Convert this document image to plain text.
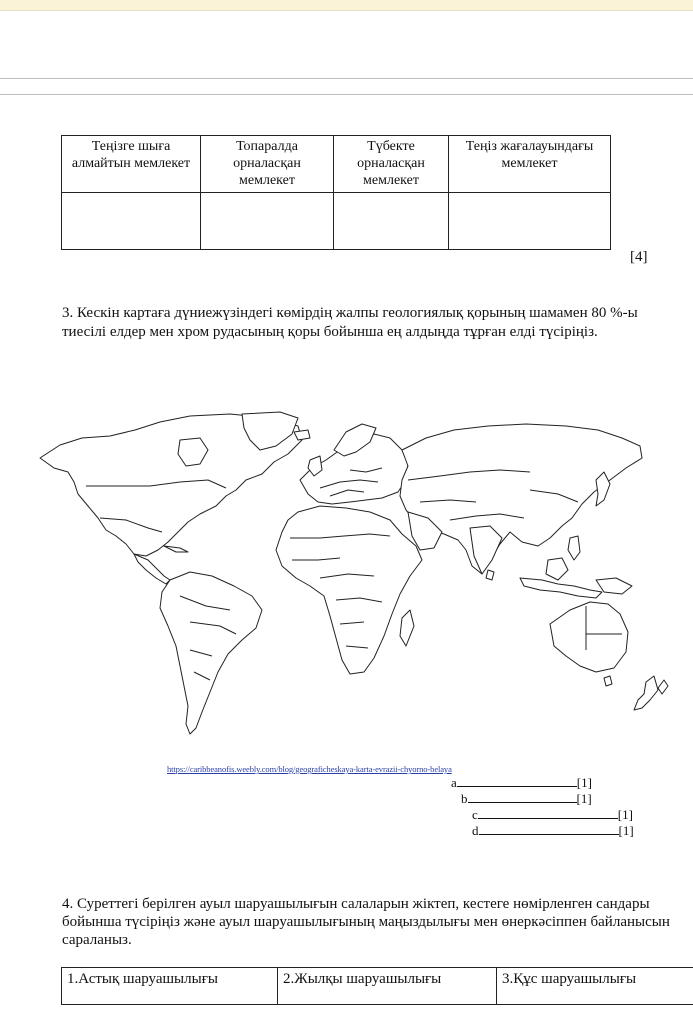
Теңізге шыға алмайтын мемлекет	Топаралда орналасқан мемлекет	Түбекте орналасқан мемлекет	Теңіз жағалауындағы мемлекет

[4]
3. Кескін картаға дүниежүзіндегі көмірдің жалпы геологиялық қорының шамамен 80 %-ы тиесілі елдер мен хром рудасының қоры бойынша ең алдыңда тұрған елді түсіріңіз.
https://caribbeanofis.weebly.com/blog/geograficheskaya-karta-evrazii-chyorno-belaya
a	[1]
b	[1]
c	[1]
d	[1]
4. Суреттегі берілген ауыл шаруашылығын салаларын жіктеп, кестеге нөмірленген сандары бойынша түсіріңіз және ауыл шаруашылығының маңыздылығы мен өнеркәсіппен байланысын сараланыз.
1.Астық шаруашылығы	2.Жылқы шаруашылығы	3.Құс шаруашылығы
